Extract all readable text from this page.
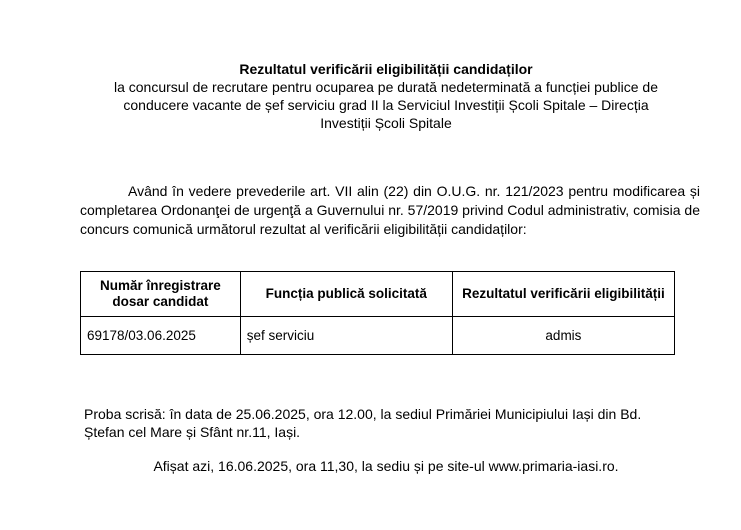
Rezultatul verificării eligibilității candidaților
la concursul de recrutare pentru ocuparea pe durată nedeterminată a funcției publice de
conducere vacante de șef serviciu grad II la Serviciul Investiții Școli Spitale – Direcția
Investiții Școli Spitale
Având în vedere prevederile art. VII alin (22) din O.U.G. nr. 121/2023 pentru modificarea și completarea Ordonanţei de urgenţă a Guvernului nr. 57/2019 privind Codul administrativ, comisia de concurs comunică următorul rezultat al verificării eligibilității candidaților:
Număr înregistrare dosar candidat	Funcția publică solicitată	Rezultatul verificării eligibilității
69178/03.06.2025	șef serviciu	admis
Proba scrisă: în data de 25.06.2025, ora 12.00, la sediul Primăriei Municipiului Iași din Bd.
Ștefan cel Mare și Sfânt nr.11, Iași.
Afișat azi, 16.06.2025, ora 11,30, la sediu și pe site-ul www.primaria-iasi.ro.
